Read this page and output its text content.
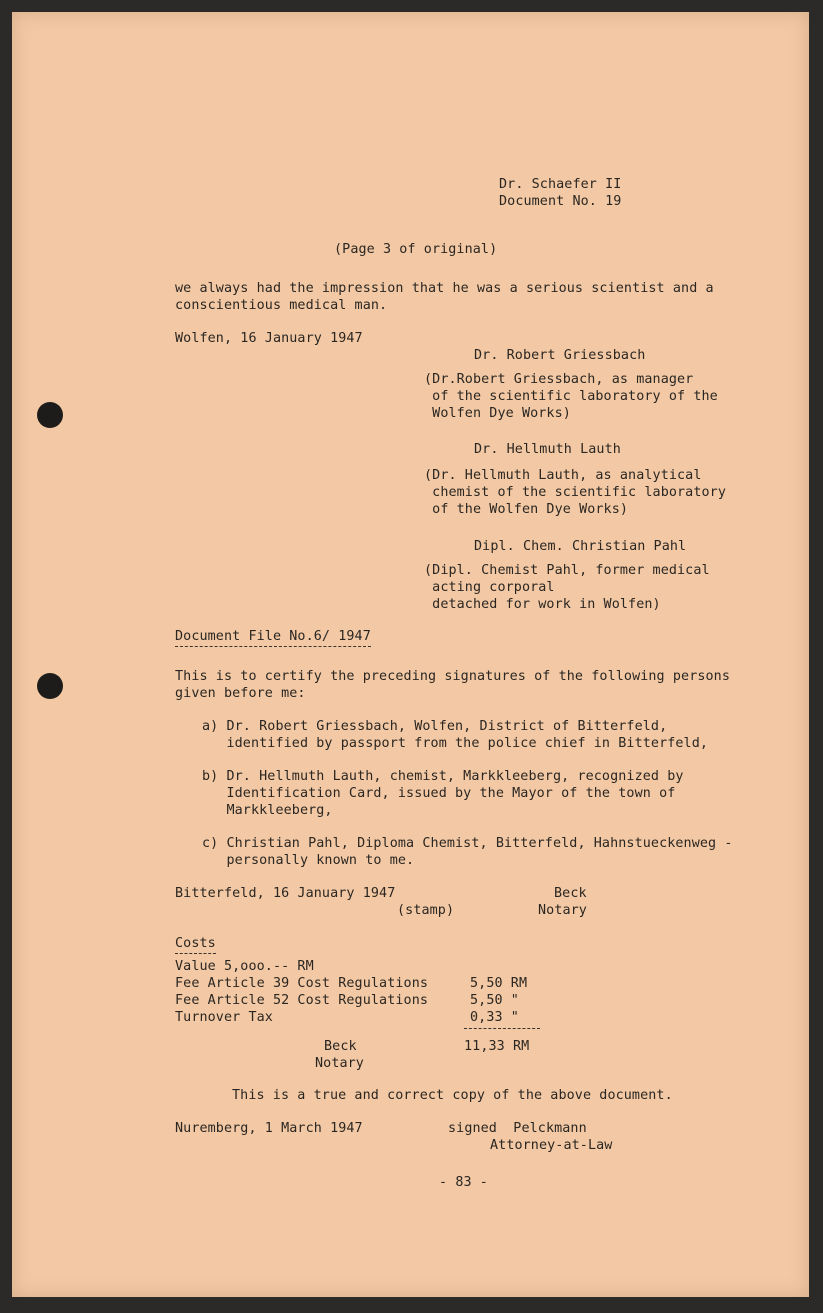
Dr. Schaefer II
Document No. 19
(Page 3 of original)
we always had the impression that he was a serious scientist and a
conscientious medical man.
Wolfen, 16 January 1947
Dr. Robert Griessbach
(Dr.Robert Griessbach, as manager
of the scientific laboratory of the
Wolfen Dye Works)
Dr. Hellmuth Lauth
(Dr. Hellmuth Lauth, as analytical
chemist of the scientific laboratory
of the Wolfen Dye Works)
Dipl. Chem. Christian Pahl
(Dipl. Chemist Pahl, former medical
acting corporal
detached for work in Wolfen)
Document File No.6/ 1947
This is to certify the preceding signatures of the following persons
given before me:
a) Dr. Robert Griessbach, Wolfen, District of Bitterfeld,
identified by passport from the police chief in Bitterfeld,
b) Dr. Hellmuth Lauth, chemist, Markkleeberg, recognized by
Identification Card, issued by the Mayor of the town of
Markkleeberg,
c) Christian Pahl, Diploma Chemist, Bitterfeld, Hahnstueckenweg -
personally known to me.
Bitterfeld, 16 January 1947
(stamp)
Beck
Notary
Costs
Value 5,ooo.-- RM
Fee Article 39 Cost Regulations	5,50 RM
Fee Article 52 Cost Regulations	5,50 "
Turnover Tax	0,33 "
Beck
Notary
11,33 RM
This is a true and correct copy of the above document.
Nuremberg, 1 March 1947	signed  Pelckmann
Attorney-at-Law
- 83 -
